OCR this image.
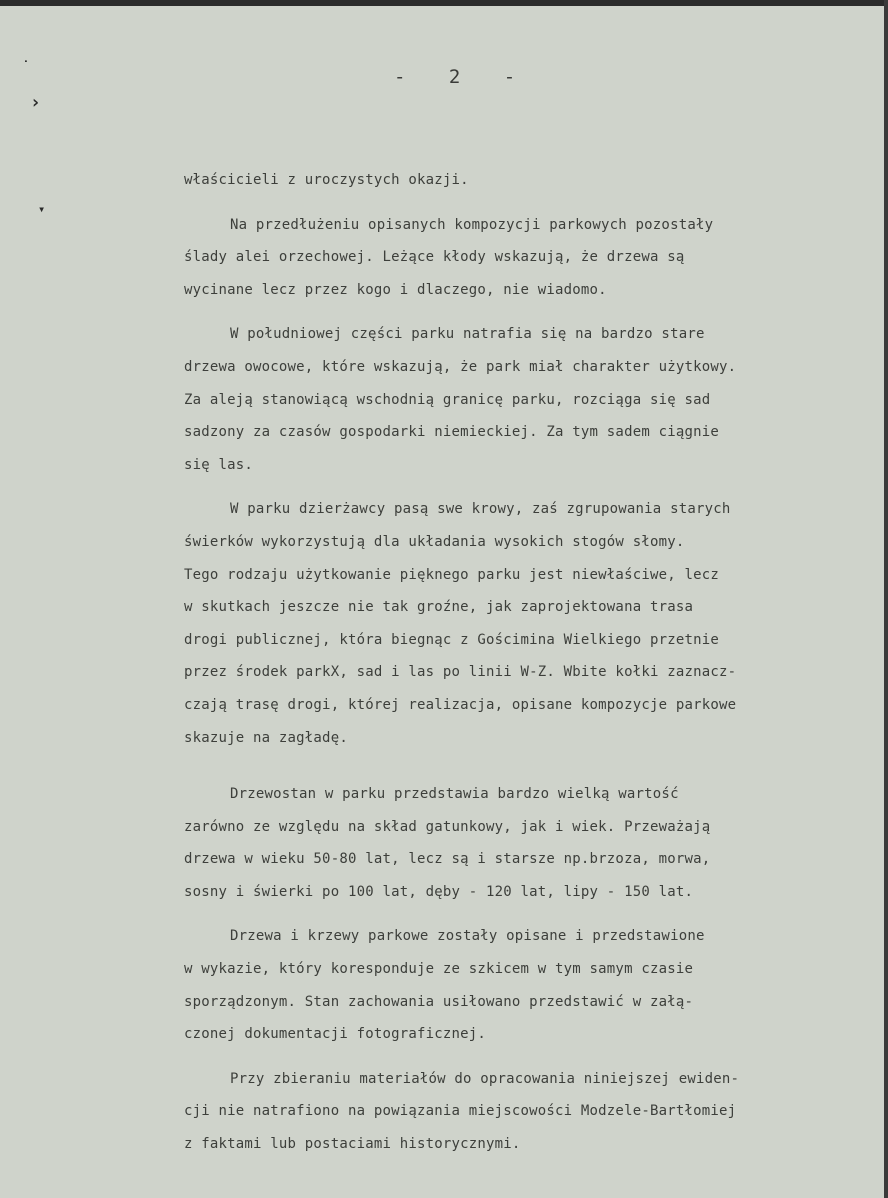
˙
›
▾
- 2 -

właścicieli z uroczystych okazji.

Na przedłużeniu opisanych kompozycji parkowych pozostały
ślady alei orzechowej. Leżące kłody wskazują, że drzewa są
wycinane lecz przez kogo i dlaczego, nie wiadomo.

W południowej części parku natrafia się na bardzo stare
drzewa owocowe, które wskazują, że park miał charakter użytkowy.
Za aleją stanowiącą wschodnią granicę parku, rozciąga się sad
sadzony za czasów gospodarki niemieckiej. Za tym sadem ciągnie
się las.

W parku dzierżawcy pasą swe krowy, zaś zgrupowania starych
świerków wykorzystują dla układania wysokich stogów słomy.
Tego rodzaju użytkowanie pięknego parku jest niewłaściwe, lecz
w skutkach jeszcze nie tak groźne, jak zaprojektowana trasa
drogi publicznej, która biegnąc z Gościmina Wielkiego przetnie
przez środek parkX, sad i las po linii W-Z. Wbite kołki zaznacz-
czają trasę drogi, której realizacja, opisane kompozycje parkowe
skazuje na zagładę.

Drzewostan w parku przedstawia bardzo wielką wartość
zarówno ze względu na skład gatunkowy, jak i wiek. Przeważają
drzewa w wieku 50-80 lat, lecz są i starsze np.brzoza, morwa,
sosny i świerki po 100 lat, dęby - 120 lat, lipy - 150 lat.

Drzewa i krzewy parkowe zostały opisane i przedstawione
w wykazie, który koresponduje ze szkicem w tym samym czasie
sporządzonym. Stan zachowania usiłowano przedstawić w załą-
czonej dokumentacji fotograficznej.

Przy zbieraniu materiałów do opracowania niniejszej ewiden-
cji nie natrafiono na powiązania miejscowości Modzele-Bartłomiej
z faktami lub postaciami historycznymi.
